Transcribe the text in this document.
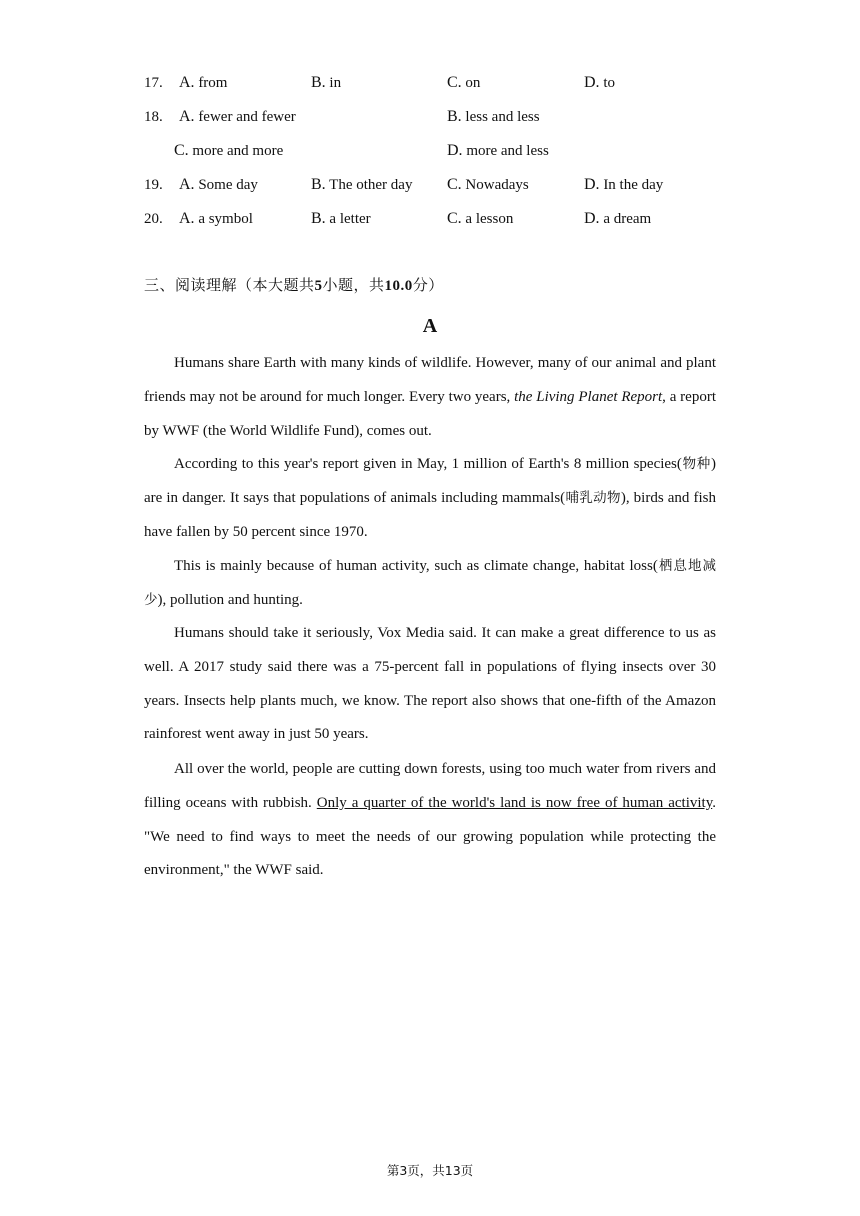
17. A. from	B. in	C. on	D. to
18. A. fewer and fewer	B. less and less
C. more and more	D. more and less
19. A. Some day	B. The other day C. Nowadays	D. In the day
20. A. a symbol	B. a letter	C. a lesson	D. a dream
三、阅读理解（本大题共5小题，共10.0分）
A

Humans share Earth with many kinds of wildlife. However, many of our animal and plant friends may not be around for much longer. Every two years, the Living Planet Report, a report by WWF (the World Wildlife Fund), comes out.

According to this year's report given in May, 1 million of Earth's 8 million species(物种) are in danger. It says that populations of animals including mammals(哺乳动物), birds and fish have fallen by 50 percent since 1970.

This is mainly because of human activity, such as climate change, habitat loss(栖息地减少), pollution and hunting.

Humans should take it seriously, Vox Media said. It can make a great difference to us as well. A 2017 study said there was a 75-percent fall in populations of flying insects over 30 years. Insects help plants much, we know. The report also shows that one-fifth of the Amazon rainforest went away in just 50 years.

All over the world, people are cutting down forests, using too much water from rivers and filling oceans with rubbish. Only a quarter of the world's land is now free of human activity. "We need to find ways to meet the needs of our growing population while protecting the environment," the WWF said.

第3页，共13页
